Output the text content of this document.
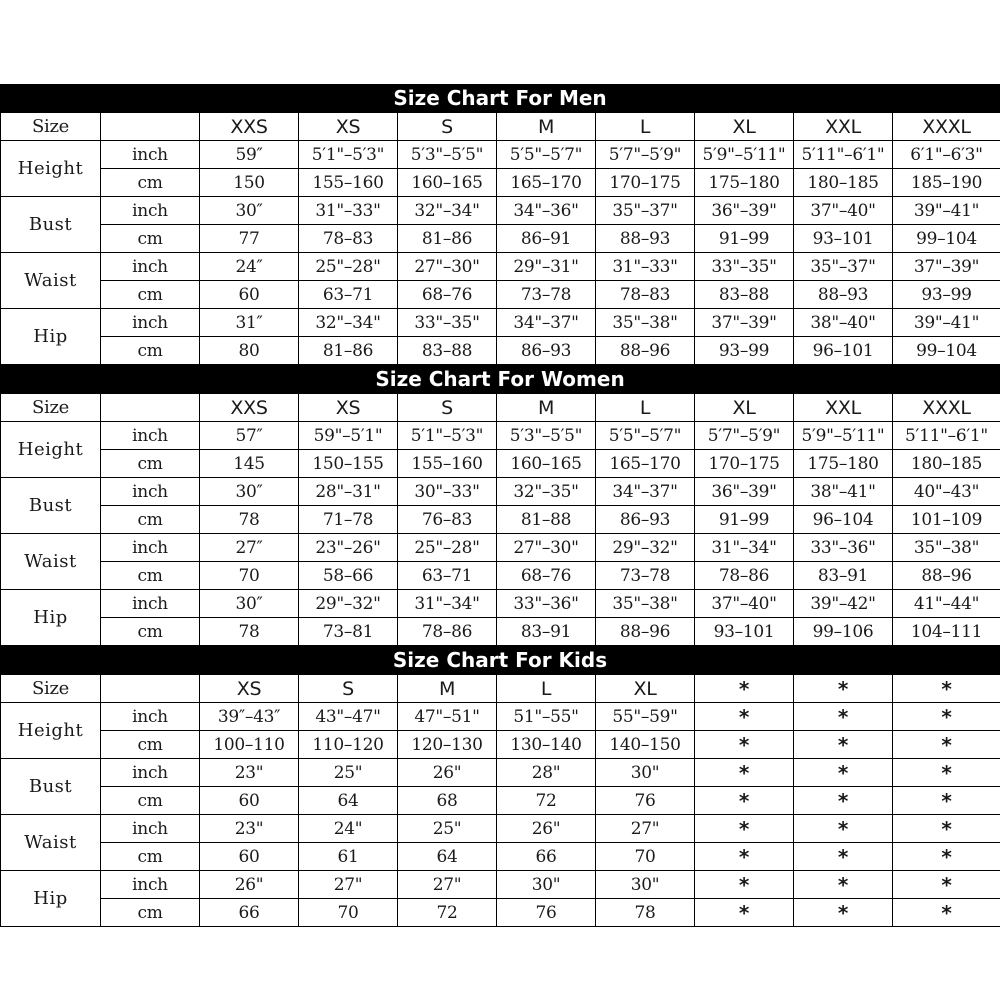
Size Chart For Men
Size		XXS	XS	S	M	L	XL	XXL	XXXL
Height	inch	59″	5′1"–5′3"	5′3"–5′5"	5′5"–5′7"	5′7"–5′9"	5′9"–5′11"	5′11"–6′1"	6′1"–6′3"
	cm	150	155–160	160–165	165–170	170–175	175–180	180–185	185–190
Bust	inch	30″	31"–33"	32"–34"	34"–36"	35"–37"	36"–39"	37"–40"	39"–41"
	cm	77	78–83	81–86	86–91	88–93	91–99	93–101	99–104
Waist	inch	24″	25"–28"	27"–30"	29"–31"	31"–33"	33"–35"	35"–37"	37"–39"
	cm	60	63–71	68–76	73–78	78–83	83–88	88–93	93–99
Hip	inch	31″	32"–34"	33"–35"	34"–37"	35"–38"	37"–39"	38"–40"	39"–41"
	cm	80	81–86	83–88	86–93	88–96	93–99	96–101	99–104
Size Chart For Women
Size		XXS	XS	S	M	L	XL	XXL	XXXL
Height	inch	57″	59"–5′1"	5′1"–5′3"	5′3"–5′5"	5′5"–5′7"	5′7"–5′9"	5′9"–5′11"	5′11"–6′1"
	cm	145	150–155	155–160	160–165	165–170	170–175	175–180	180–185
Bust	inch	30″	28"–31"	30"–33"	32"–35"	34"–37"	36"–39"	38"–41"	40"–43"
	cm	78	71–78	76–83	81–88	86–93	91–99	96–104	101–109
Waist	inch	27″	23"–26"	25"–28"	27"–30"	29"–32"	31"–34"	33"–36"	35"–38"
	cm	70	58–66	63–71	68–76	73–78	78–86	83–91	88–96
Hip	inch	30″	29"–32"	31"–34"	33"–36"	35"–38"	37"–40"	39"–42"	41"–44"
	cm	78	73–81	78–86	83–91	88–96	93–101	99–106	104–111
Size Chart For Kids
Size		XS	S	M	L	XL	*	*	*
Height	inch	39″–43″	43"–47"	47"–51"	51"–55"	55"–59"	*	*	*
	cm	100–110	110–120	120–130	130–140	140–150	*	*	*
Bust	inch	23"	25"	26"	28"	30"	*	*	*
	cm	60	64	68	72	76	*	*	*
Waist	inch	23"	24"	25"	26"	27"	*	*	*
	cm	60	61	64	66	70	*	*	*
Hip	inch	26"	27"	27"	30"	30"	*	*	*
	cm	66	70	72	76	78	*	*	*
